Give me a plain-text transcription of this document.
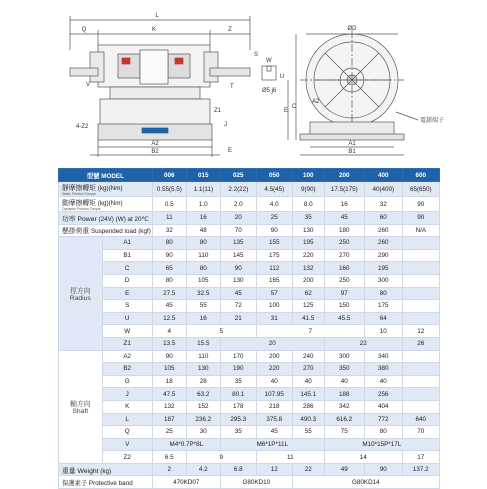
L
Q	K	Z
S
4-Z2
A2
B2
Z1
W
U
T
V
E
J
ØD
C
E
A1
B1
A2
Ø5 j6
電鉗端子
型號 MODEL		006	015	025	050	100	200	400	600
靜摩擦轉矩 (kg)(Nm)
Static Friction Torque		0.55(5.5)	1.1(11)	2.2(22)	4.5(45)	9(90)	17.5(175)	40(400)	65(650)
動摩擦轉矩 (kg)(Nm)
Dynamic Friction Torque		0.5	1.0	2.0	4.0	8.0	16	32	90
功率 Power (24V) (W) at 20℃		11	16	20	25	35	45	60	90
懸掛荷重 Suspended load (kgf)		32	48	70	90	130	180	260	N/A
徑方向
Radius	A1	80	80	135	155	195	250	260	
	B1	90	110	145	175	220	270	290	
	C	65	80	90	112	132	160	195	
	D	80	105	130	165	200	250	300	
	E	27.5	32.5	45	57	62	97	80	
	S	45	55	72	100	125	150	175	
	U	12.5	16	21	31	41.5	45.5	64	
	W	4	5		7			10	12
	Z1	13.5	15.5	20			22		26
軸方向
Shaft	A2	90	110	170	200	240	300	340	
	B2	105	130	190	220	270	350	380	
	G	18	28	35	40	40	40	40	
	J	47.5	63.2	80.1	107.95	145.1	188	256	
	K	132	152	178	218	286	342	404	
	L	187	236.2	295.3	375.8	490.3	616.2	772	640
	Q	25	30	35	45	55	75	80	70
	V	M4*0.7P*8L		M6*1P*11L			M10*15P*17L		
	Z2	6.5	9		11		14		17
重量 Weight (kg)		2	4.2	6.8	12	22	49	90	137.2
保護素子 Protective band		470KD07		G80KD10		G80KD14			
